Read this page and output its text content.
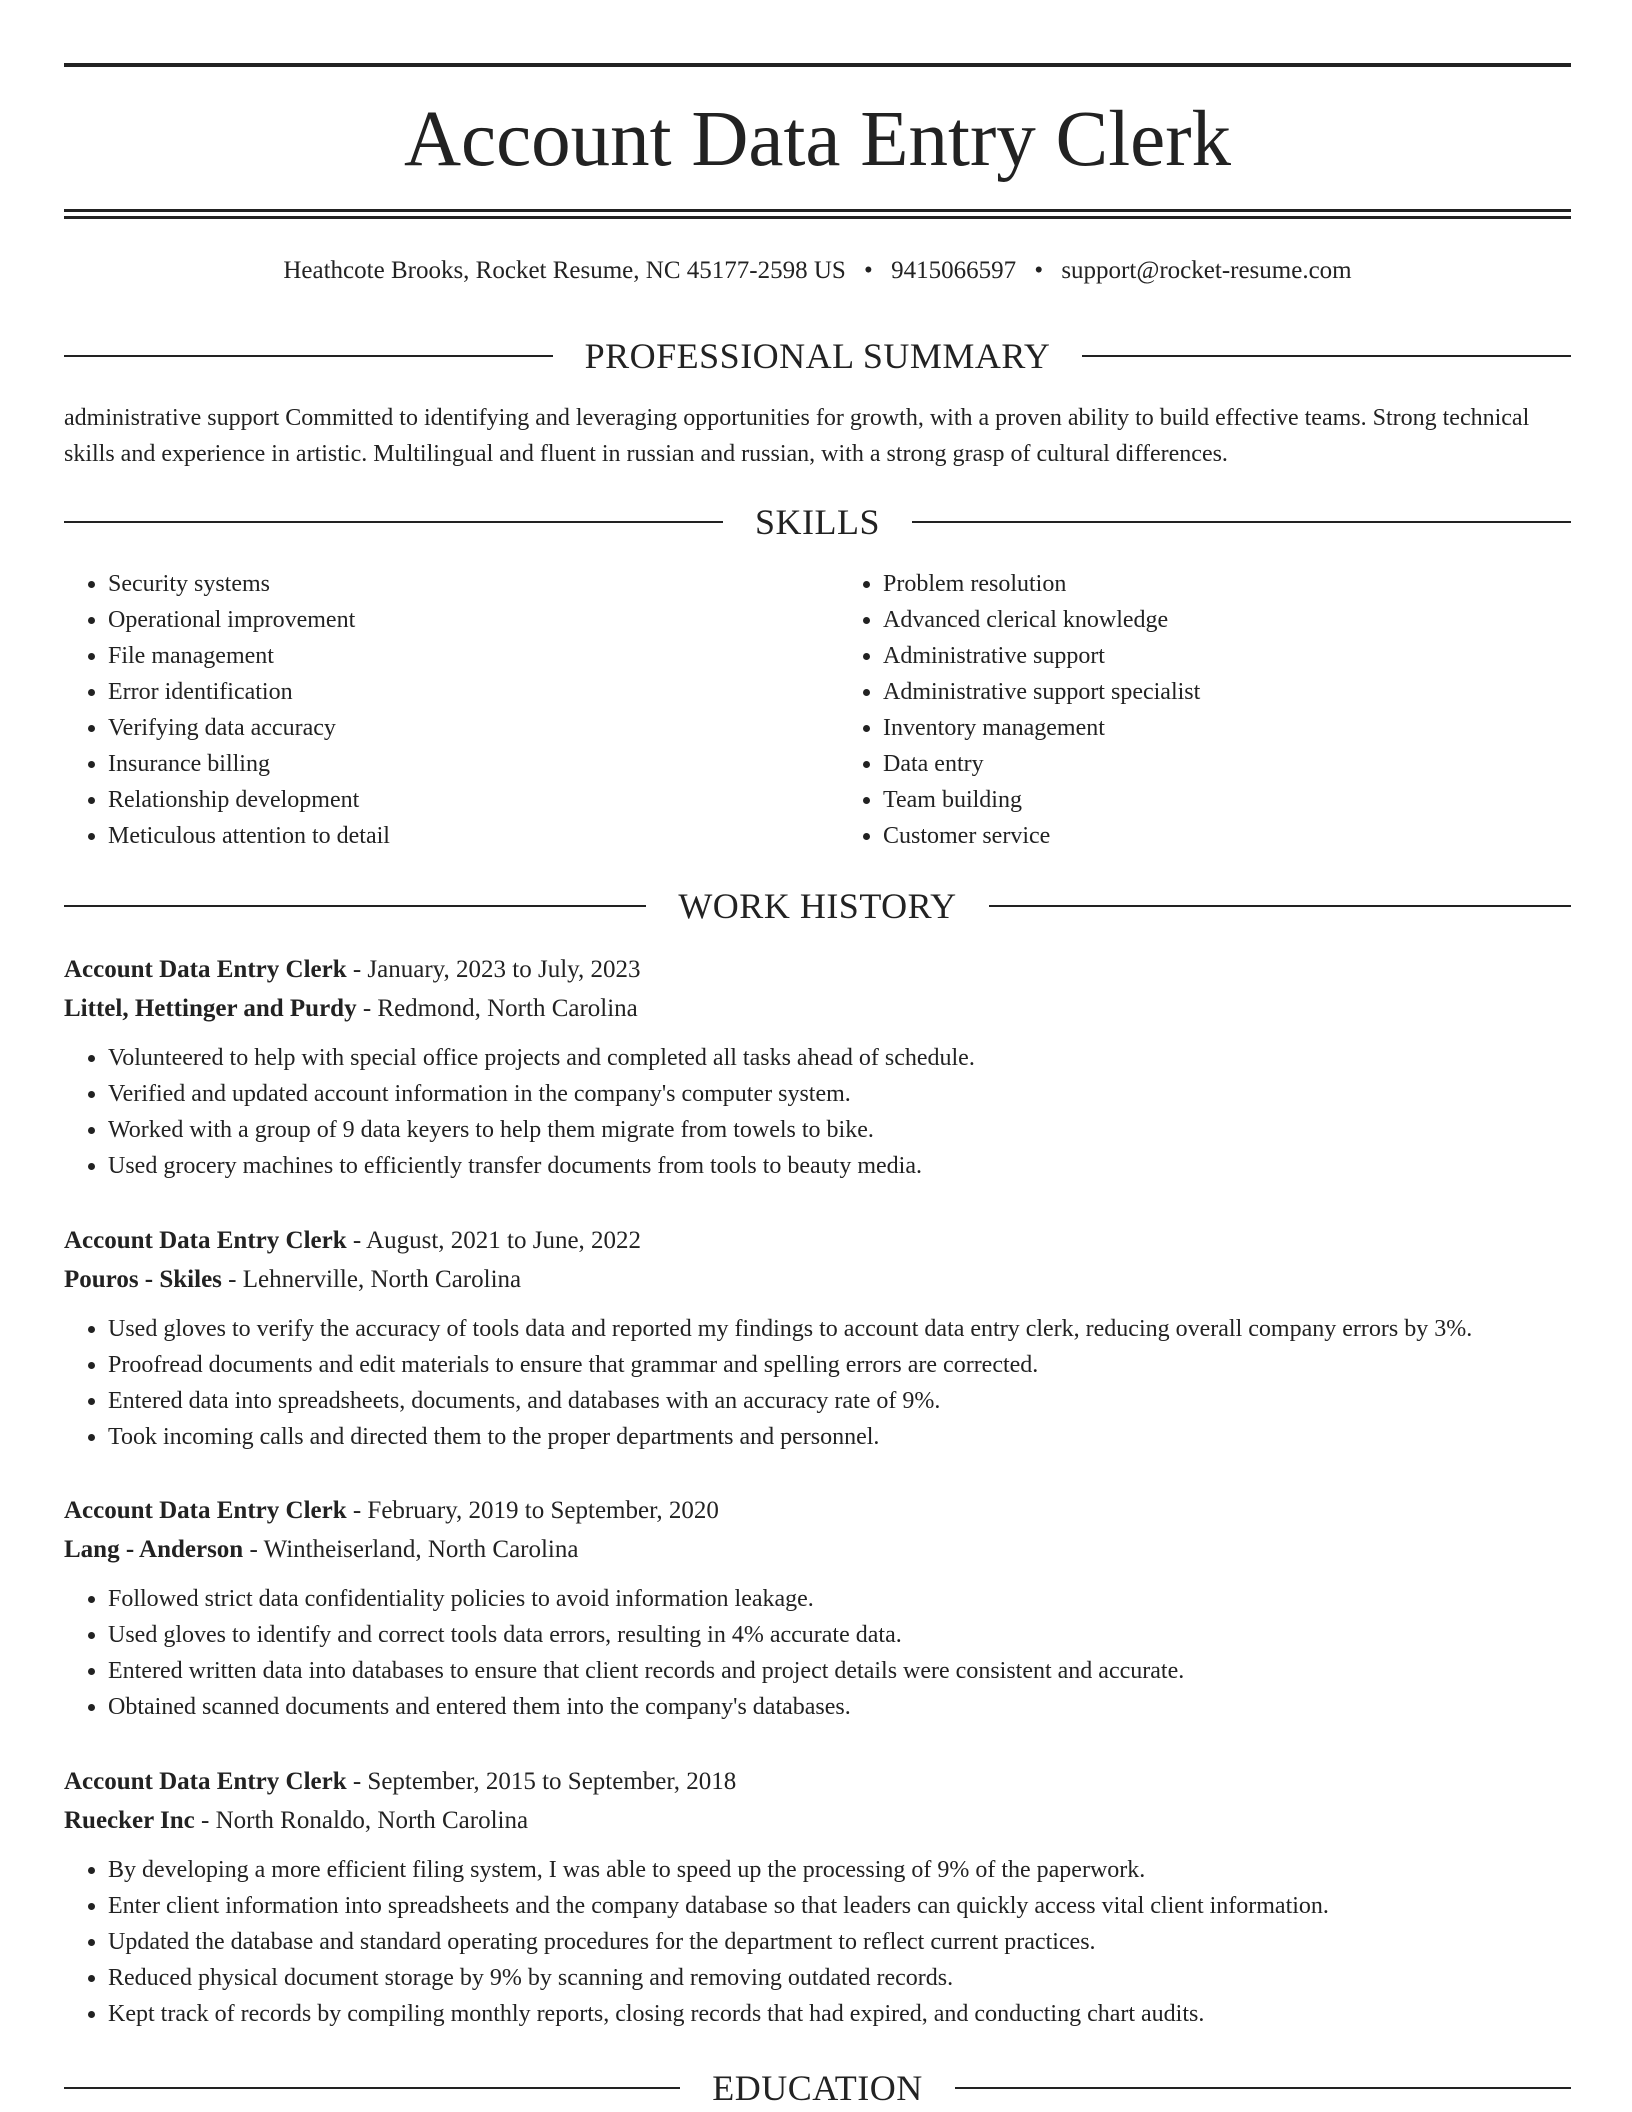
Account Data Entry Clerk
Heathcote Brooks, Rocket Resume, NC 45177-2598 US • 9415066597 • support@rocket-resume.com
PROFESSIONAL SUMMARY

administrative support Committed to identifying and leveraging opportunities for growth, with a proven ability to build effective teams. Strong technical skills and experience in artistic. Multilingual and fluent in russian and russian, with a strong grasp of cultural differences.

SKILLS
• Security systems
• Operational improvement
• File management
• Error identification
• Verifying data accuracy
• Insurance billing
• Relationship development
• Meticulous attention to detail
• Problem resolution
• Advanced clerical knowledge
• Administrative support
• Administrative support specialist
• Inventory management
• Data entry
• Team building
• Customer service
WORK HISTORY
Account Data Entry Clerk - January, 2023 to July, 2023
Littel, Hettinger and Purdy - Redmond, North Carolina
• Volunteered to help with special office projects and completed all tasks ahead of schedule.
• Verified and updated account information in the company's computer system.
• Worked with a group of 9 data keyers to help them migrate from towels to bike.
• Used grocery machines to efficiently transfer documents from tools to beauty media.
Account Data Entry Clerk - August, 2021 to June, 2022
Pouros - Skiles - Lehnerville, North Carolina
• Used gloves to verify the accuracy of tools data and reported my findings to account data entry clerk, reducing overall company errors by 3%.
• Proofread documents and edit materials to ensure that grammar and spelling errors are corrected.
• Entered data into spreadsheets, documents, and databases with an accuracy rate of 9%.
• Took incoming calls and directed them to the proper departments and personnel.
Account Data Entry Clerk - February, 2019 to September, 2020
Lang - Anderson - Wintheiserland, North Carolina
• Followed strict data confidentiality policies to avoid information leakage.
• Used gloves to identify and correct tools data errors, resulting in 4% accurate data.
• Entered written data into databases to ensure that client records and project details were consistent and accurate.
• Obtained scanned documents and entered them into the company's databases.
Account Data Entry Clerk - September, 2015 to September, 2018
Ruecker Inc - North Ronaldo, North Carolina
• By developing a more efficient filing system, I was able to speed up the processing of 9% of the paperwork.
• Enter client information into spreadsheets and the company database so that leaders can quickly access vital client information.
• Updated the database and standard operating procedures for the department to reflect current practices.
• Reduced physical document storage by 9% by scanning and removing outdated records.
• Kept track of records by compiling monthly reports, closing records that had expired, and conducting chart audits.
EDUCATION
